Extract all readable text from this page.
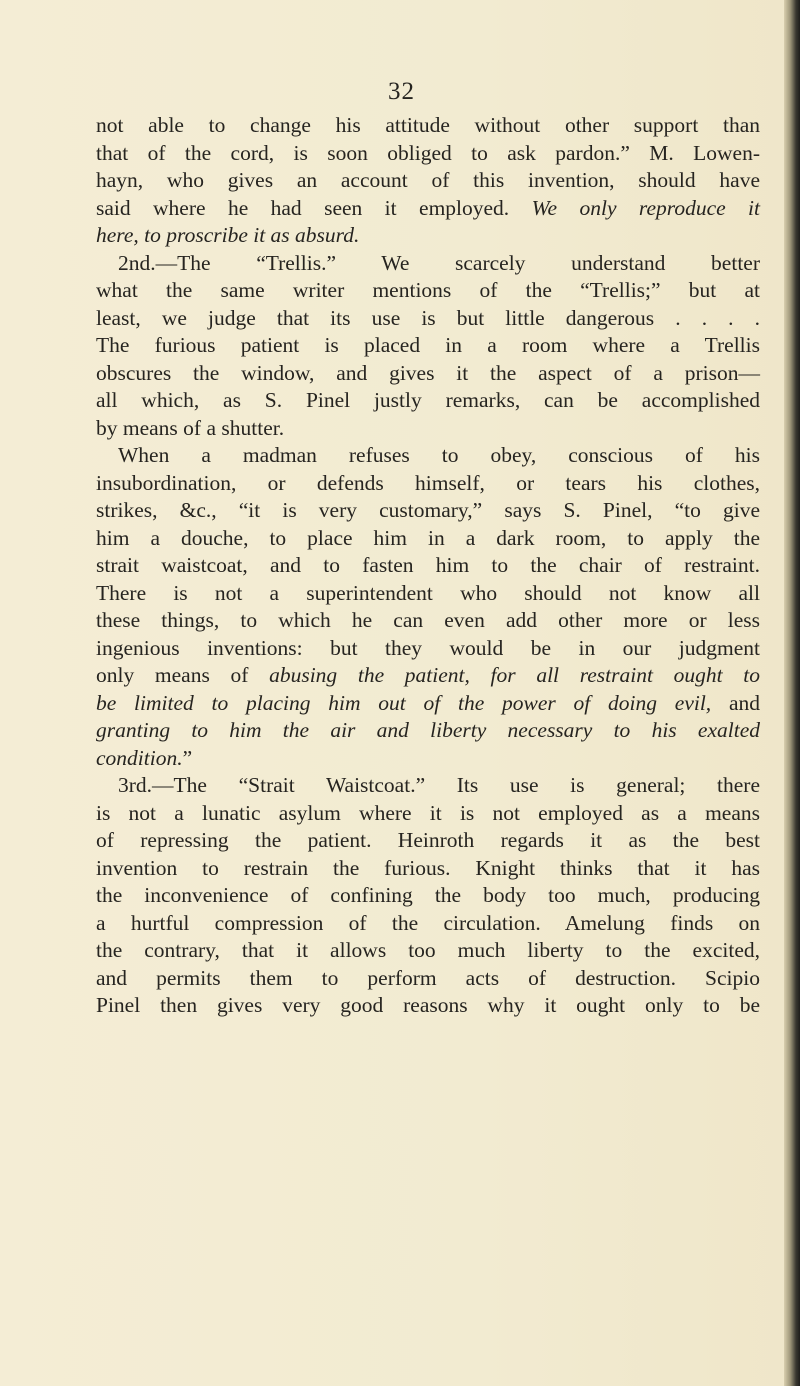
32
not able to change his attitude without other support than
that of the cord, is soon obliged to ask pardon.” M. Lowen-
hayn, who gives an account of this invention, should have
said where he had seen it employed. We only reproduce it
here, to proscribe it as absurd.
2nd.—The “Trellis.” We scarcely understand better
what the same writer mentions of the “Trellis;” but at
least, we judge that its use is but little dangerous . . . .
The furious patient is placed in a room where a Trellis
obscures the window, and gives it the aspect of a prison—
all which, as S. Pinel justly remarks, can be accomplished
by means of a shutter.
When a madman refuses to obey, conscious of his
insubordination, or defends himself, or tears his clothes,
strikes, &c., “it is very customary,” says S. Pinel, “to give
him a douche, to place him in a dark room, to apply the
strait waistcoat, and to fasten him to the chair of restraint.
There is not a superintendent who should not know all
these things, to which he can even add other more or less
ingenious inventions: but they would be in our judgment
only means of abusing the patient, for all restraint ought to
be limited to placing him out of the power of doing evil, and
granting to him the air and liberty necessary to his exalted
condition.”
3rd.—The “Strait Waistcoat.” Its use is general; there
is not a lunatic asylum where it is not employed as a means
of repressing the patient. Heinroth regards it as the best
invention to restrain the furious. Knight thinks that it has
the inconvenience of confining the body too much, producing
a hurtful compression of the circulation. Amelung finds on
the contrary, that it allows too much liberty to the excited,
and permits them to perform acts of destruction. Scipio
Pinel then gives very good reasons why it ought only to be
